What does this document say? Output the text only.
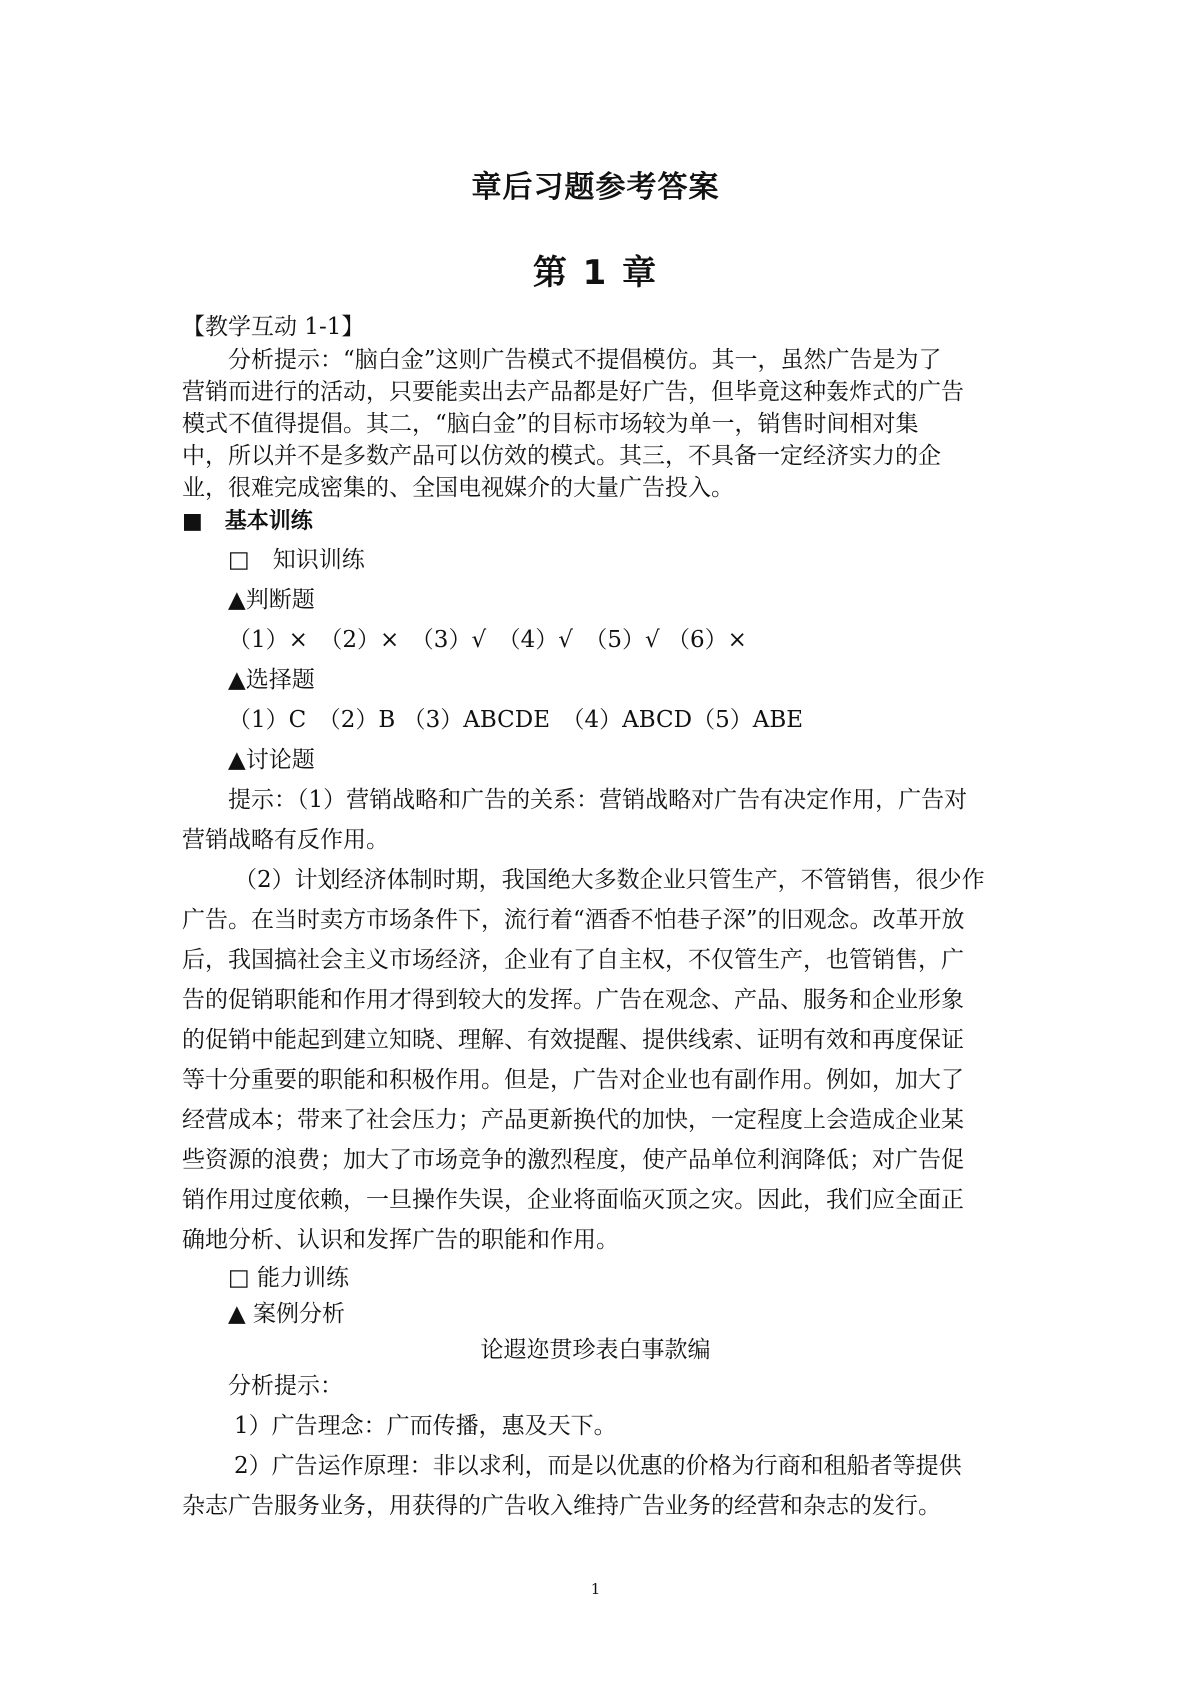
章后习题参考答案
第 1 章
【教学互动 1-1】
分析提示：“脑白金”这则广告模式不提倡模仿。其一，虽然广告是为了
营销而进行的活动，只要能卖出去产品都是好广告，但毕竟这种轰炸式的广告
模式不值得提倡。其二，“脑白金”的目标市场较为单一，销售时间相对集
中，所以并不是多数产品可以仿效的模式。其三，不具备一定经济实力的企
业，很难完成密集的、全国电视媒介的大量广告投入。
■　基本训练
□　知识训练
▲判断题
（1）×　（2）×　（3）√　（4）√　（5）√ （6）×
▲选择题
（1）C　（2）B （3）ABCDE　（4）ABCD（5）ABE
▲讨论题
提示：（1）营销战略和广告的关系：营销战略对广告有决定作用，广告对
营销战略有反作用。
（2）计划经济体制时期，我国绝大多数企业只管生产，不管销售，很少作
广告。在当时卖方市场条件下，流行着“酒香不怕巷子深”的旧观念。改革开放
后，我国搞社会主义市场经济，企业有了自主权，不仅管生产，也管销售，广
告的促销职能和作用才得到较大的发挥。广告在观念、产品、服务和企业形象
的促销中能起到建立知晓、理解、有效提醒、提供线索、证明有效和再度保证
等十分重要的职能和积极作用。但是，广告对企业也有副作用。例如，加大了
经营成本；带来了社会压力；产品更新换代的加快，一定程度上会造成企业某
些资源的浪费；加大了市场竞争的激烈程度，使产品单位利润降低；对广告促
销作用过度依赖，一旦操作失误，企业将面临灭顶之灾。因此，我们应全面正
确地分析、认识和发挥广告的职能和作用。
□ 能力训练
▲ 案例分析
论遐迩贯珍表白事款编
分析提示：
1）广告理念：广而传播，惠及天下。
2）广告运作原理：非以求利，而是以优惠的价格为行商和租船者等提供
杂志广告服务业务，用获得的广告收入维持广告业务的经营和杂志的发行。
1
